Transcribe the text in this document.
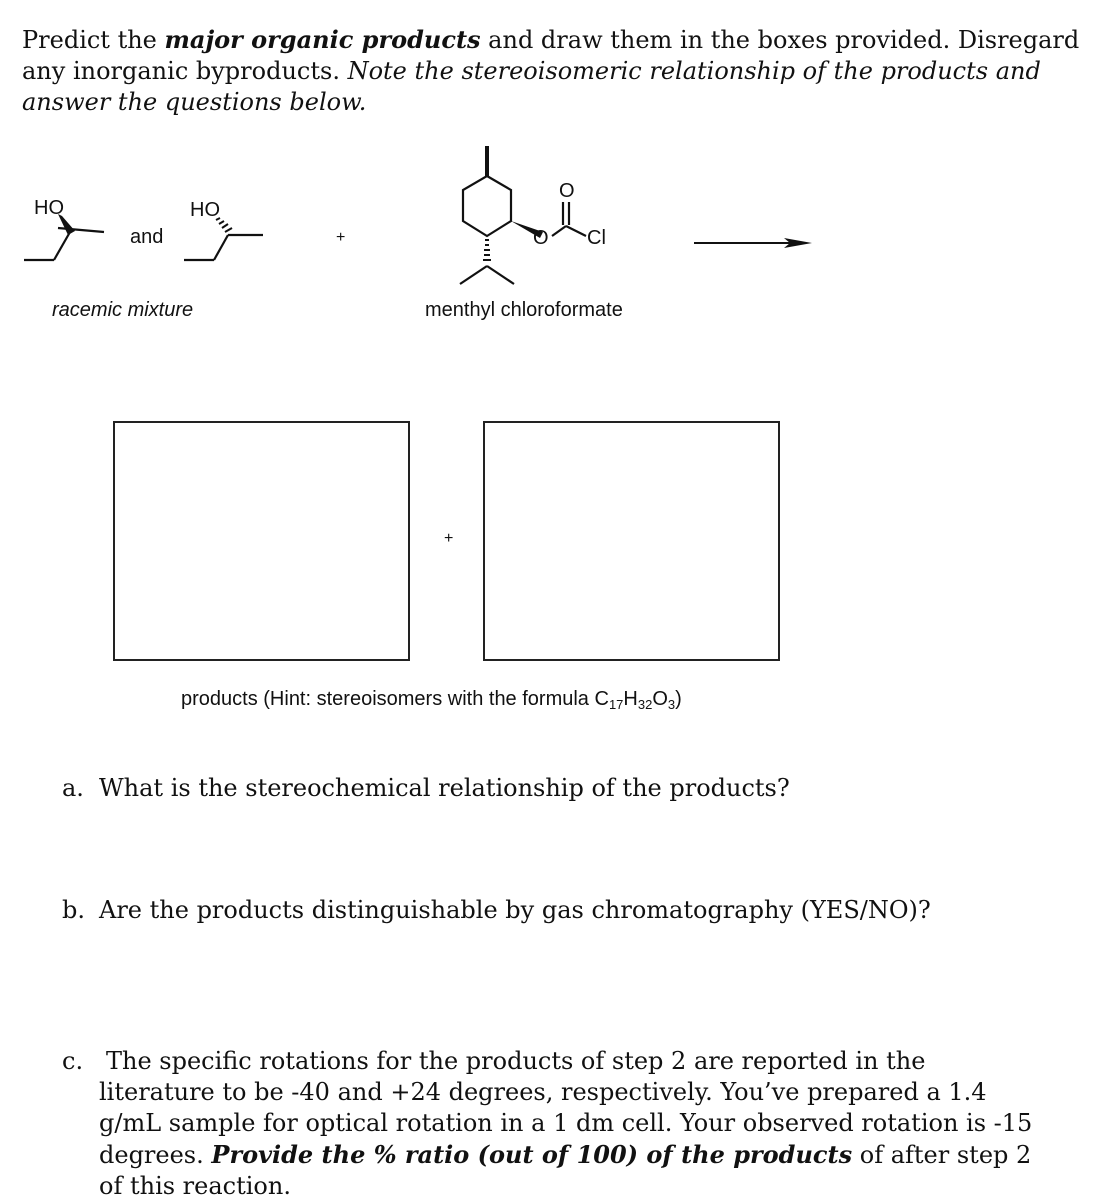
Predict the major organic products and draw them in the boxes provided. Disregard any inorganic byproducts. Note the stereoisomeric relationship of the products and answer the questions below.
HO
and
HO
+
O
O Cl
racemic mixture	menthyl chloroformate
+
products (Hint: stereoisomers with the formula $C_{17}H_{32}O_3$)
a. What is the stereochemical relationship of the products?
b. Are the products distinguishable by gas chromatography (YES/NO)?
c. The specific rotations for the products of step 2 are reported in the literature to be -40 and +24 degrees, respectively. You’ve prepared a 1.4 g/mL sample for optical rotation in a 1 dm cell. Your observed rotation is -15 degrees. Provide the % ratio (out of 100) of the products of after step 2 of this reaction.
